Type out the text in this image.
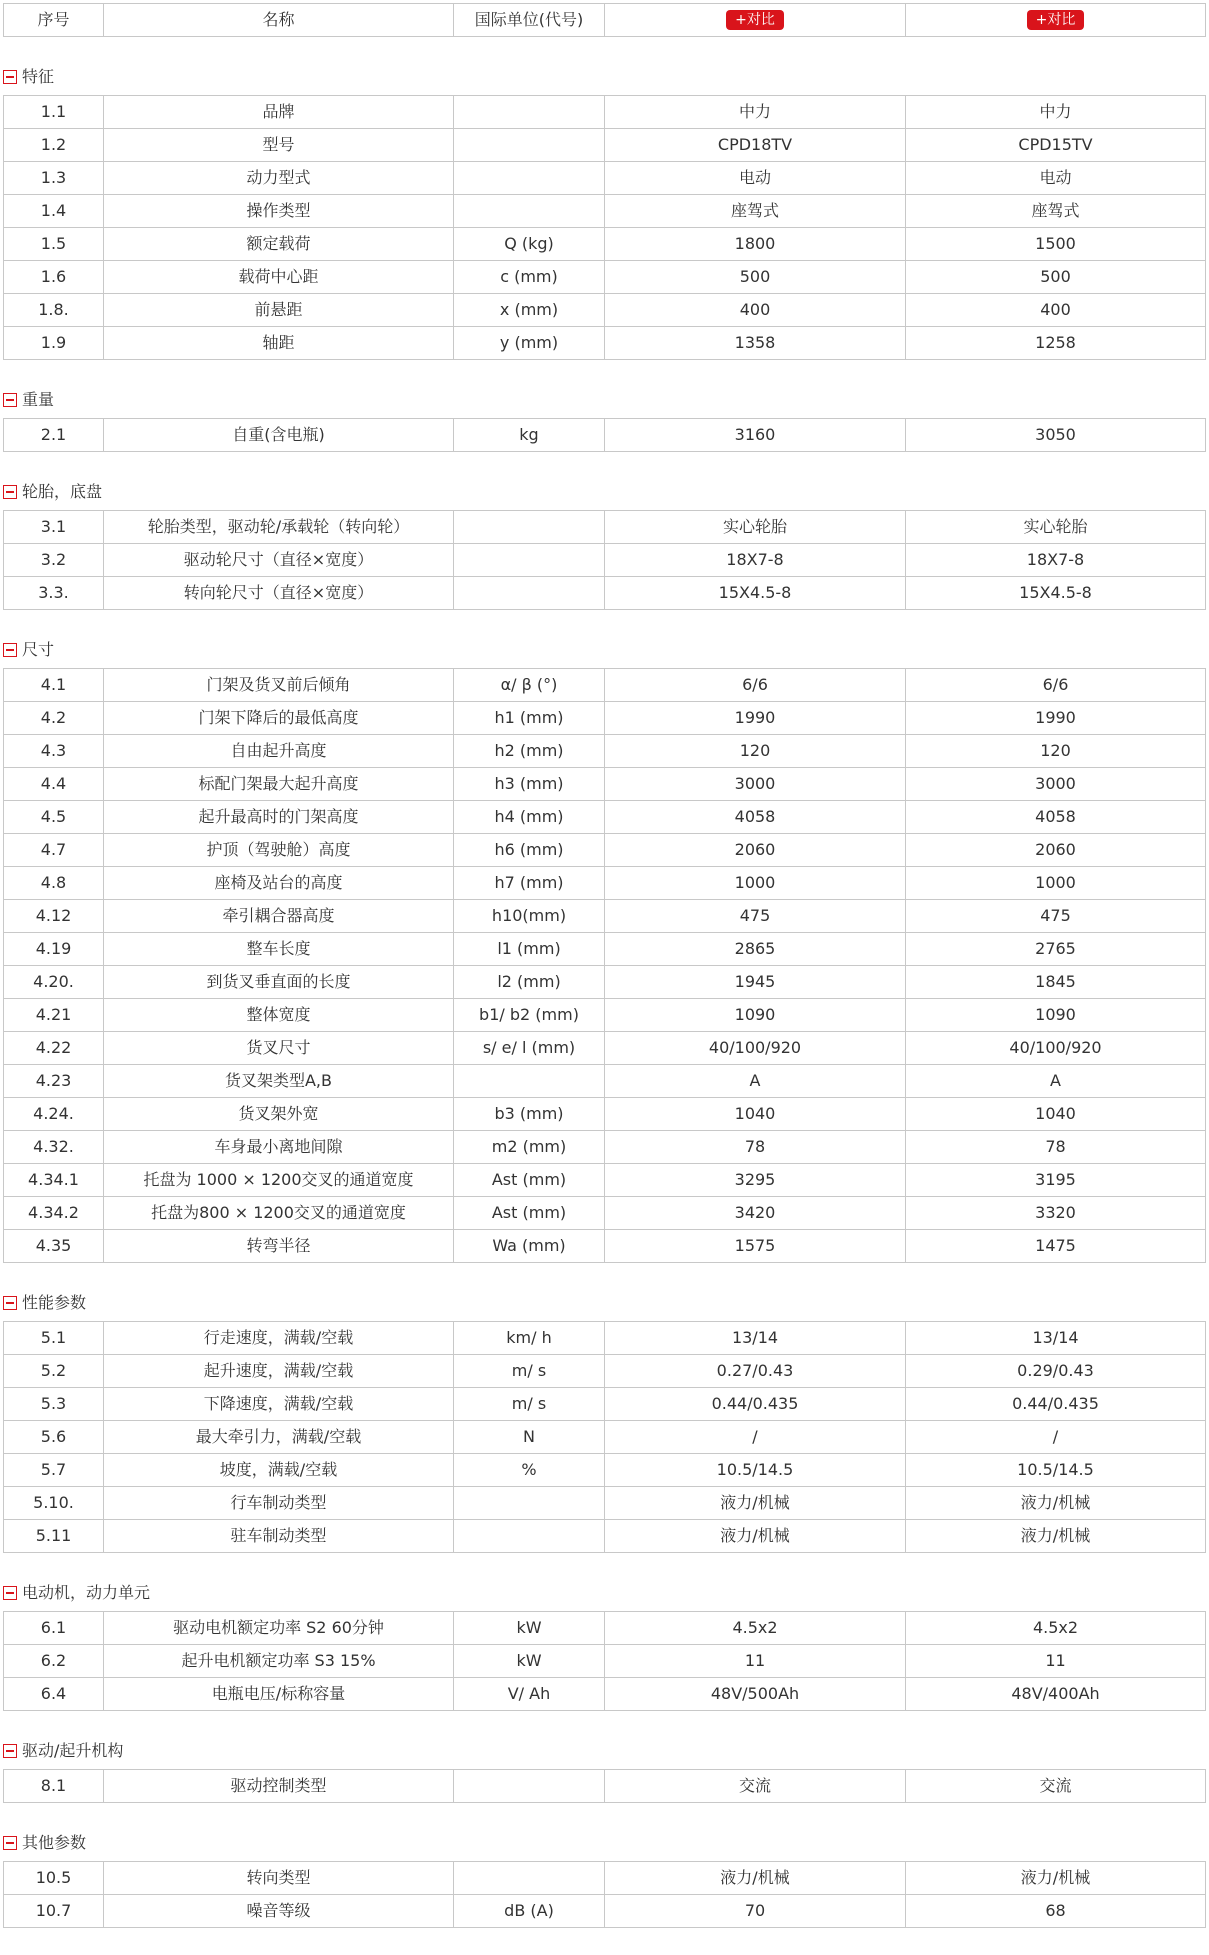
序号	名称	国际单位(代号)	+对比	+对比
特征
1.1	品牌		中力	中力
1.2	型号		CPD18TV	CPD15TV
1.3	动力型式		电动	电动
1.4	操作类型		座驾式	座驾式
1.5	额定载荷	Q (kg)	1800	1500
1.6	载荷中心距	c (mm)	500	500
1.8.	前悬距	x (mm)	400	400
1.9	轴距	y (mm)	1358	1258
重量
2.1	自重(含电瓶)	kg	3160	3050
轮胎，底盘
3.1	轮胎类型，驱动轮/承载轮（转向轮）		实心轮胎	实心轮胎
3.2	驱动轮尺寸（直径×宽度）		18X7-8	18X7-8
3.3.	转向轮尺寸（直径×宽度）		15X4.5-8	15X4.5-8
尺寸
4.1	门架及货叉前后倾角	α/ β (°)	6/6	6/6
4.2	门架下降后的最低高度	h1 (mm)	1990	1990
4.3	自由起升高度	h2 (mm)	120	120
4.4	标配门架最大起升高度	h3 (mm)	3000	3000
4.5	起升最高时的门架高度	h4 (mm)	4058	4058
4.7	护顶（驾驶舱）高度	h6 (mm)	2060	2060
4.8	座椅及站台的高度	h7 (mm)	1000	1000
4.12	牵引耦合器高度	h10(mm)	475	475
4.19	整车长度	l1 (mm)	2865	2765
4.20.	到货叉垂直面的长度	l2 (mm)	1945	1845
4.21	整体宽度	b1/ b2 (mm)	1090	1090
4.22	货叉尺寸	s/ e/ l (mm)	40/100/920	40/100/920
4.23	货叉架类型A,B		A	A
4.24.	货叉架外宽	b3 (mm)	1040	1040
4.32.	车身最小离地间隙	m2 (mm)	78	78
4.34.1	托盘为 1000 × 1200交叉的通道宽度	Ast (mm)	3295	3195
4.34.2	托盘为800 × 1200交叉的通道宽度	Ast (mm)	3420	3320
4.35	转弯半径	Wa (mm)	1575	1475
性能参数
5.1	行走速度，满载/空载	km/ h	13/14	13/14
5.2	起升速度，满载/空载	m/ s	0.27/0.43	0.29/0.43
5.3	下降速度，满载/空载	m/ s	0.44/0.435	0.44/0.435
5.6	最大牵引力，满载/空载	N	/	/
5.7	坡度，满载/空载	%	10.5/14.5	10.5/14.5
5.10.	行车制动类型		液力/机械	液力/机械
5.11	驻车制动类型		液力/机械	液力/机械
电动机，动力单元
6.1	驱动电机额定功率 S2 60分钟	kW	4.5x2	4.5x2
6.2	起升电机额定功率 S3 15%	kW	11	11
6.4	电瓶电压/标称容量	V/ Ah	48V/500Ah	48V/400Ah
驱动/起升机构
8.1	驱动控制类型		交流	交流
其他参数
10.5	转向类型		液力/机械	液力/机械
10.7	噪音等级	dB (A)	70	68
